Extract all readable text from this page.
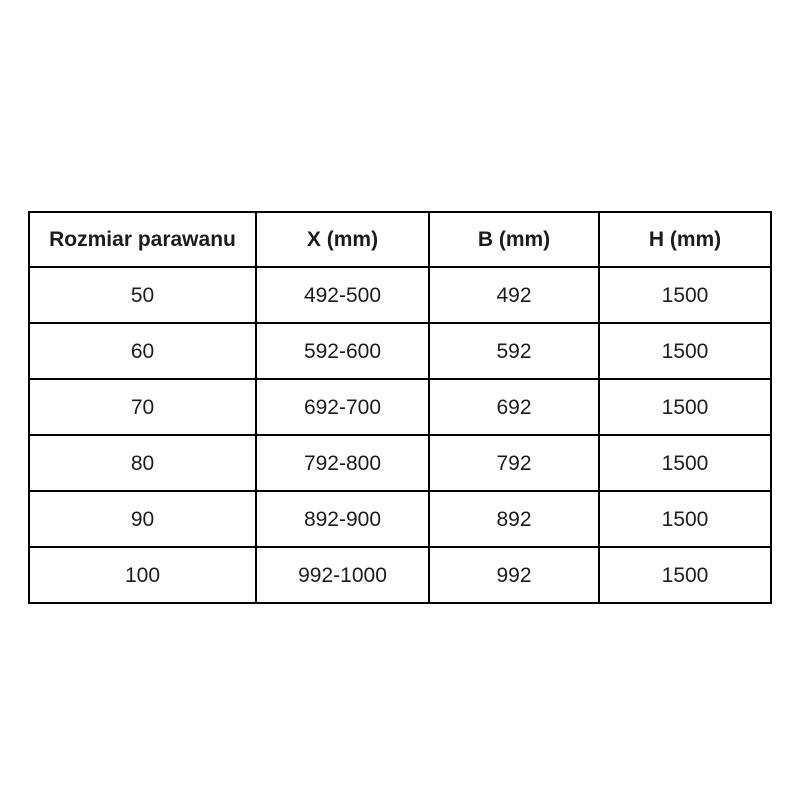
Rozmiar parawanu	X (mm)	B (mm)	H (mm)
50	492-500	492	1500
60	592-600	592	1500
70	692-700	692	1500
80	792-800	792	1500
90	892-900	892	1500
100	992-1000	992	1500
